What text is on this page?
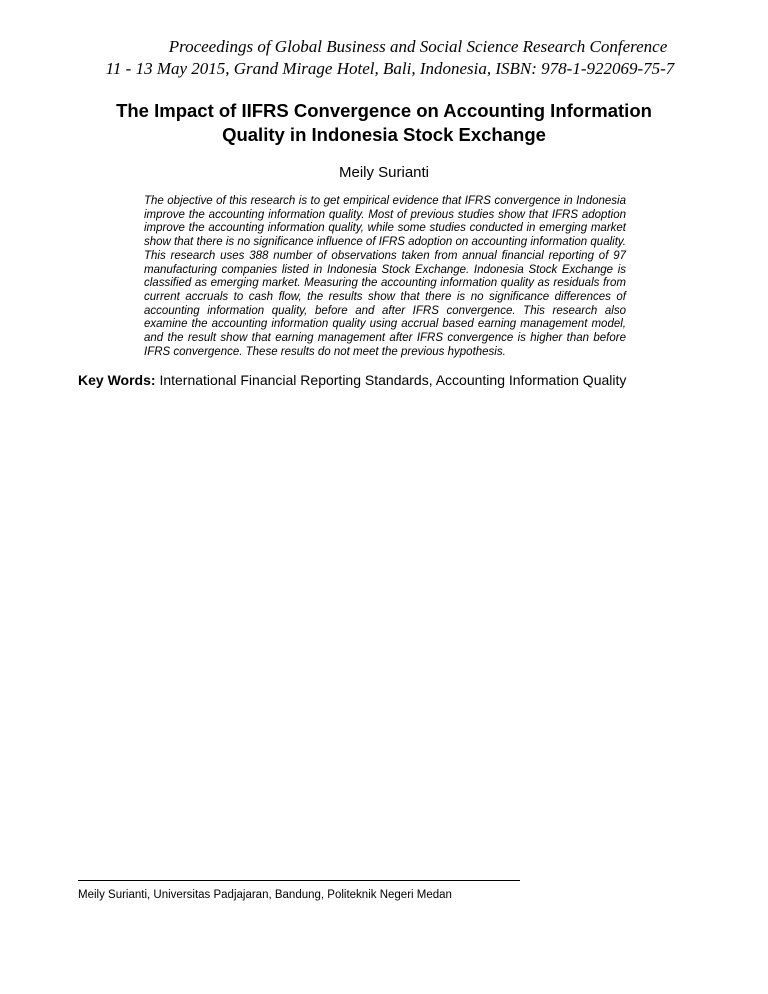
Proceedings of Global Business and Social Science Research Conference
11 - 13 May 2015, Grand Mirage Hotel, Bali, Indonesia, ISBN: 978-1-922069-75-7
The Impact of IIFRS Convergence on Accounting Information
Quality in Indonesia Stock Exchange
Meily Surianti

The objective of this research is to get empirical evidence that IFRS convergence in Indonesia improve the accounting information quality. Most of previous studies show that IFRS adoption improve the accounting information quality, while some studies conducted in emerging market show that there is no significance influence of IFRS adoption on accounting information quality. This research uses 388 number of observations taken from annual financial reporting of 97 manufacturing companies listed in Indonesia Stock Exchange. Indonesia Stock Exchange is classified as emerging market. Measuring the accounting information quality as residuals from current accruals to cash flow, the results show that there is no significance differences of accounting information quality, before and after IFRS convergence. This research also examine the accounting information quality using accrual based earning management model, and the result show that earning management after IFRS convergence is higher than before IFRS convergence. These results do not meet the previous hypothesis.

Key Words: International Financial Reporting Standards, Accounting Information Quality
Meily Surianti, Universitas Padjajaran, Bandung, Politeknik Negeri Medan
